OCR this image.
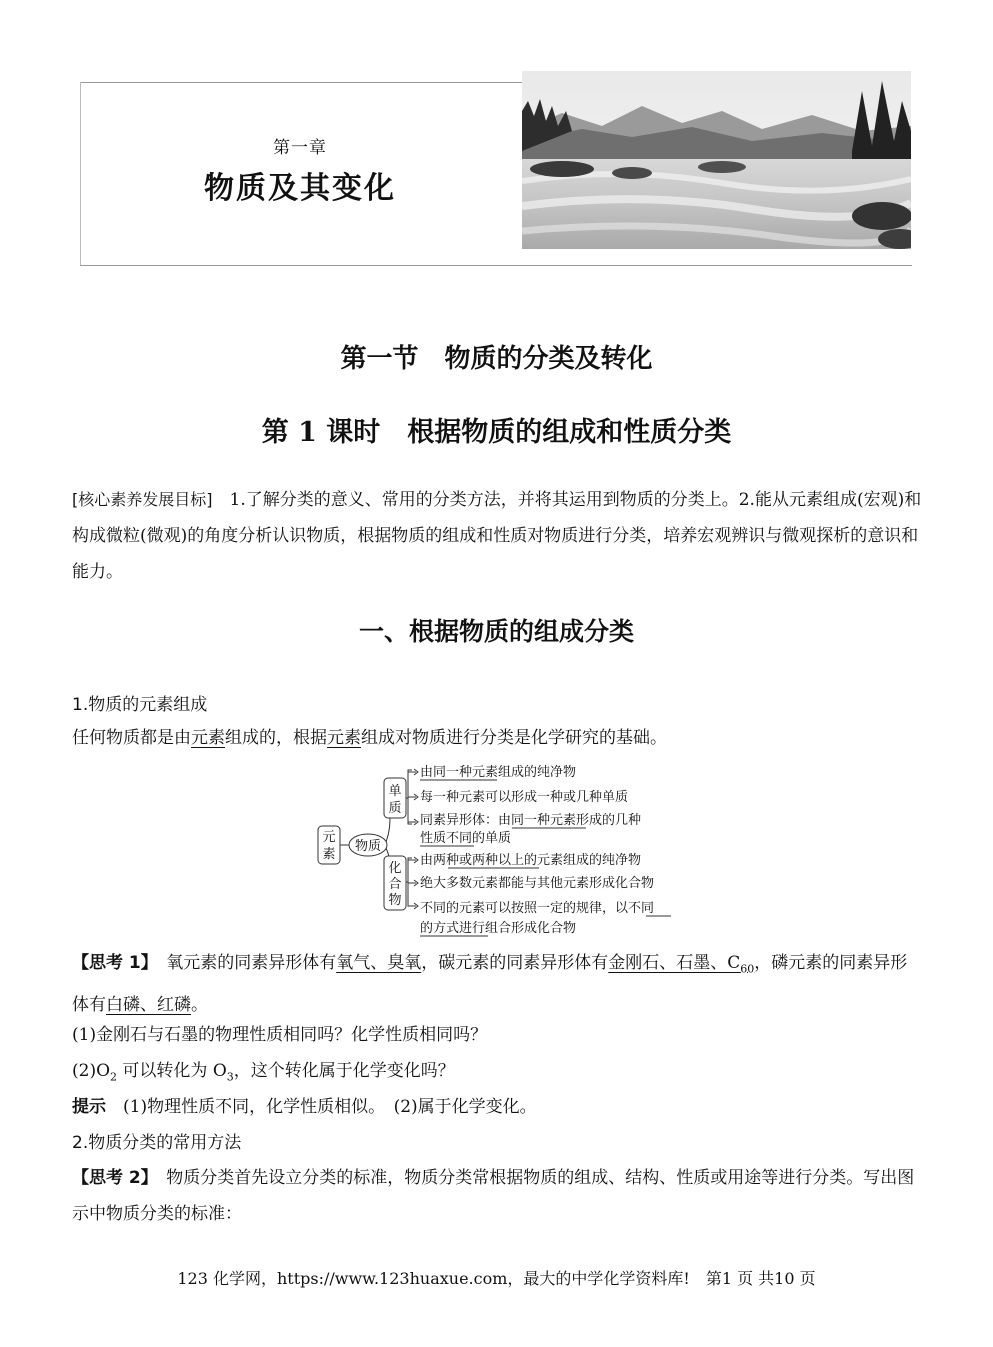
第一章
物质及其变化
第一节　物质的分类及转化
第 1 课时　根据物质的组成和性质分类
[核心素养发展目标]　1.了解分类的意义、常用的分类方法，并将其运用到物质的分类上。2.能从元素组成(宏观)和构成微粒(微观)的角度分析认识物质，根据物质的组成和性质对物质进行分类，培养宏观辨识与微观探析的意识和能力。
一、根据物质的组成分类
1.物质的元素组成
任何物质都是由元素组成的，根据元素组成对物质进行分类是化学研究的基础。
元
素
物质
单
质
化
合
物
由同一种元素组成的纯净物
每一种元素可以形成一种或几种单质
同素异形体：由同一种元素形成的几种
性质不同的单质
由两种或两种以上的元素组成的纯净物
绝大多数元素都能与其他元素形成化合物
不同的元素可以按照一定的规律，以不同
的方式进行组合形成化合物
【思考 1】　氧元素的同素异形体有氧气、臭氧，碳元素的同素异形体有金刚石、石墨、$C_{60}$，磷元素的同素异形体有白磷、红磷。
(1)金刚石与石墨的物理性质相同吗？化学性质相同吗？
$(2)O_2$ 可以转化为 $O_3$，这个转化属于化学变化吗？
提示　(1)物理性质不同，化学性质相似。　(2)属于化学变化。
2.物质分类的常用方法
【思考 2】　物质分类首先设立分类的标准，物质分类常根据物质的组成、结构、性质或用途等进行分类。写出图示中物质分类的标准：
123 化学网，https://www.123huaxue.com，最大的中学化学资料库!　第1 页 共10 页
